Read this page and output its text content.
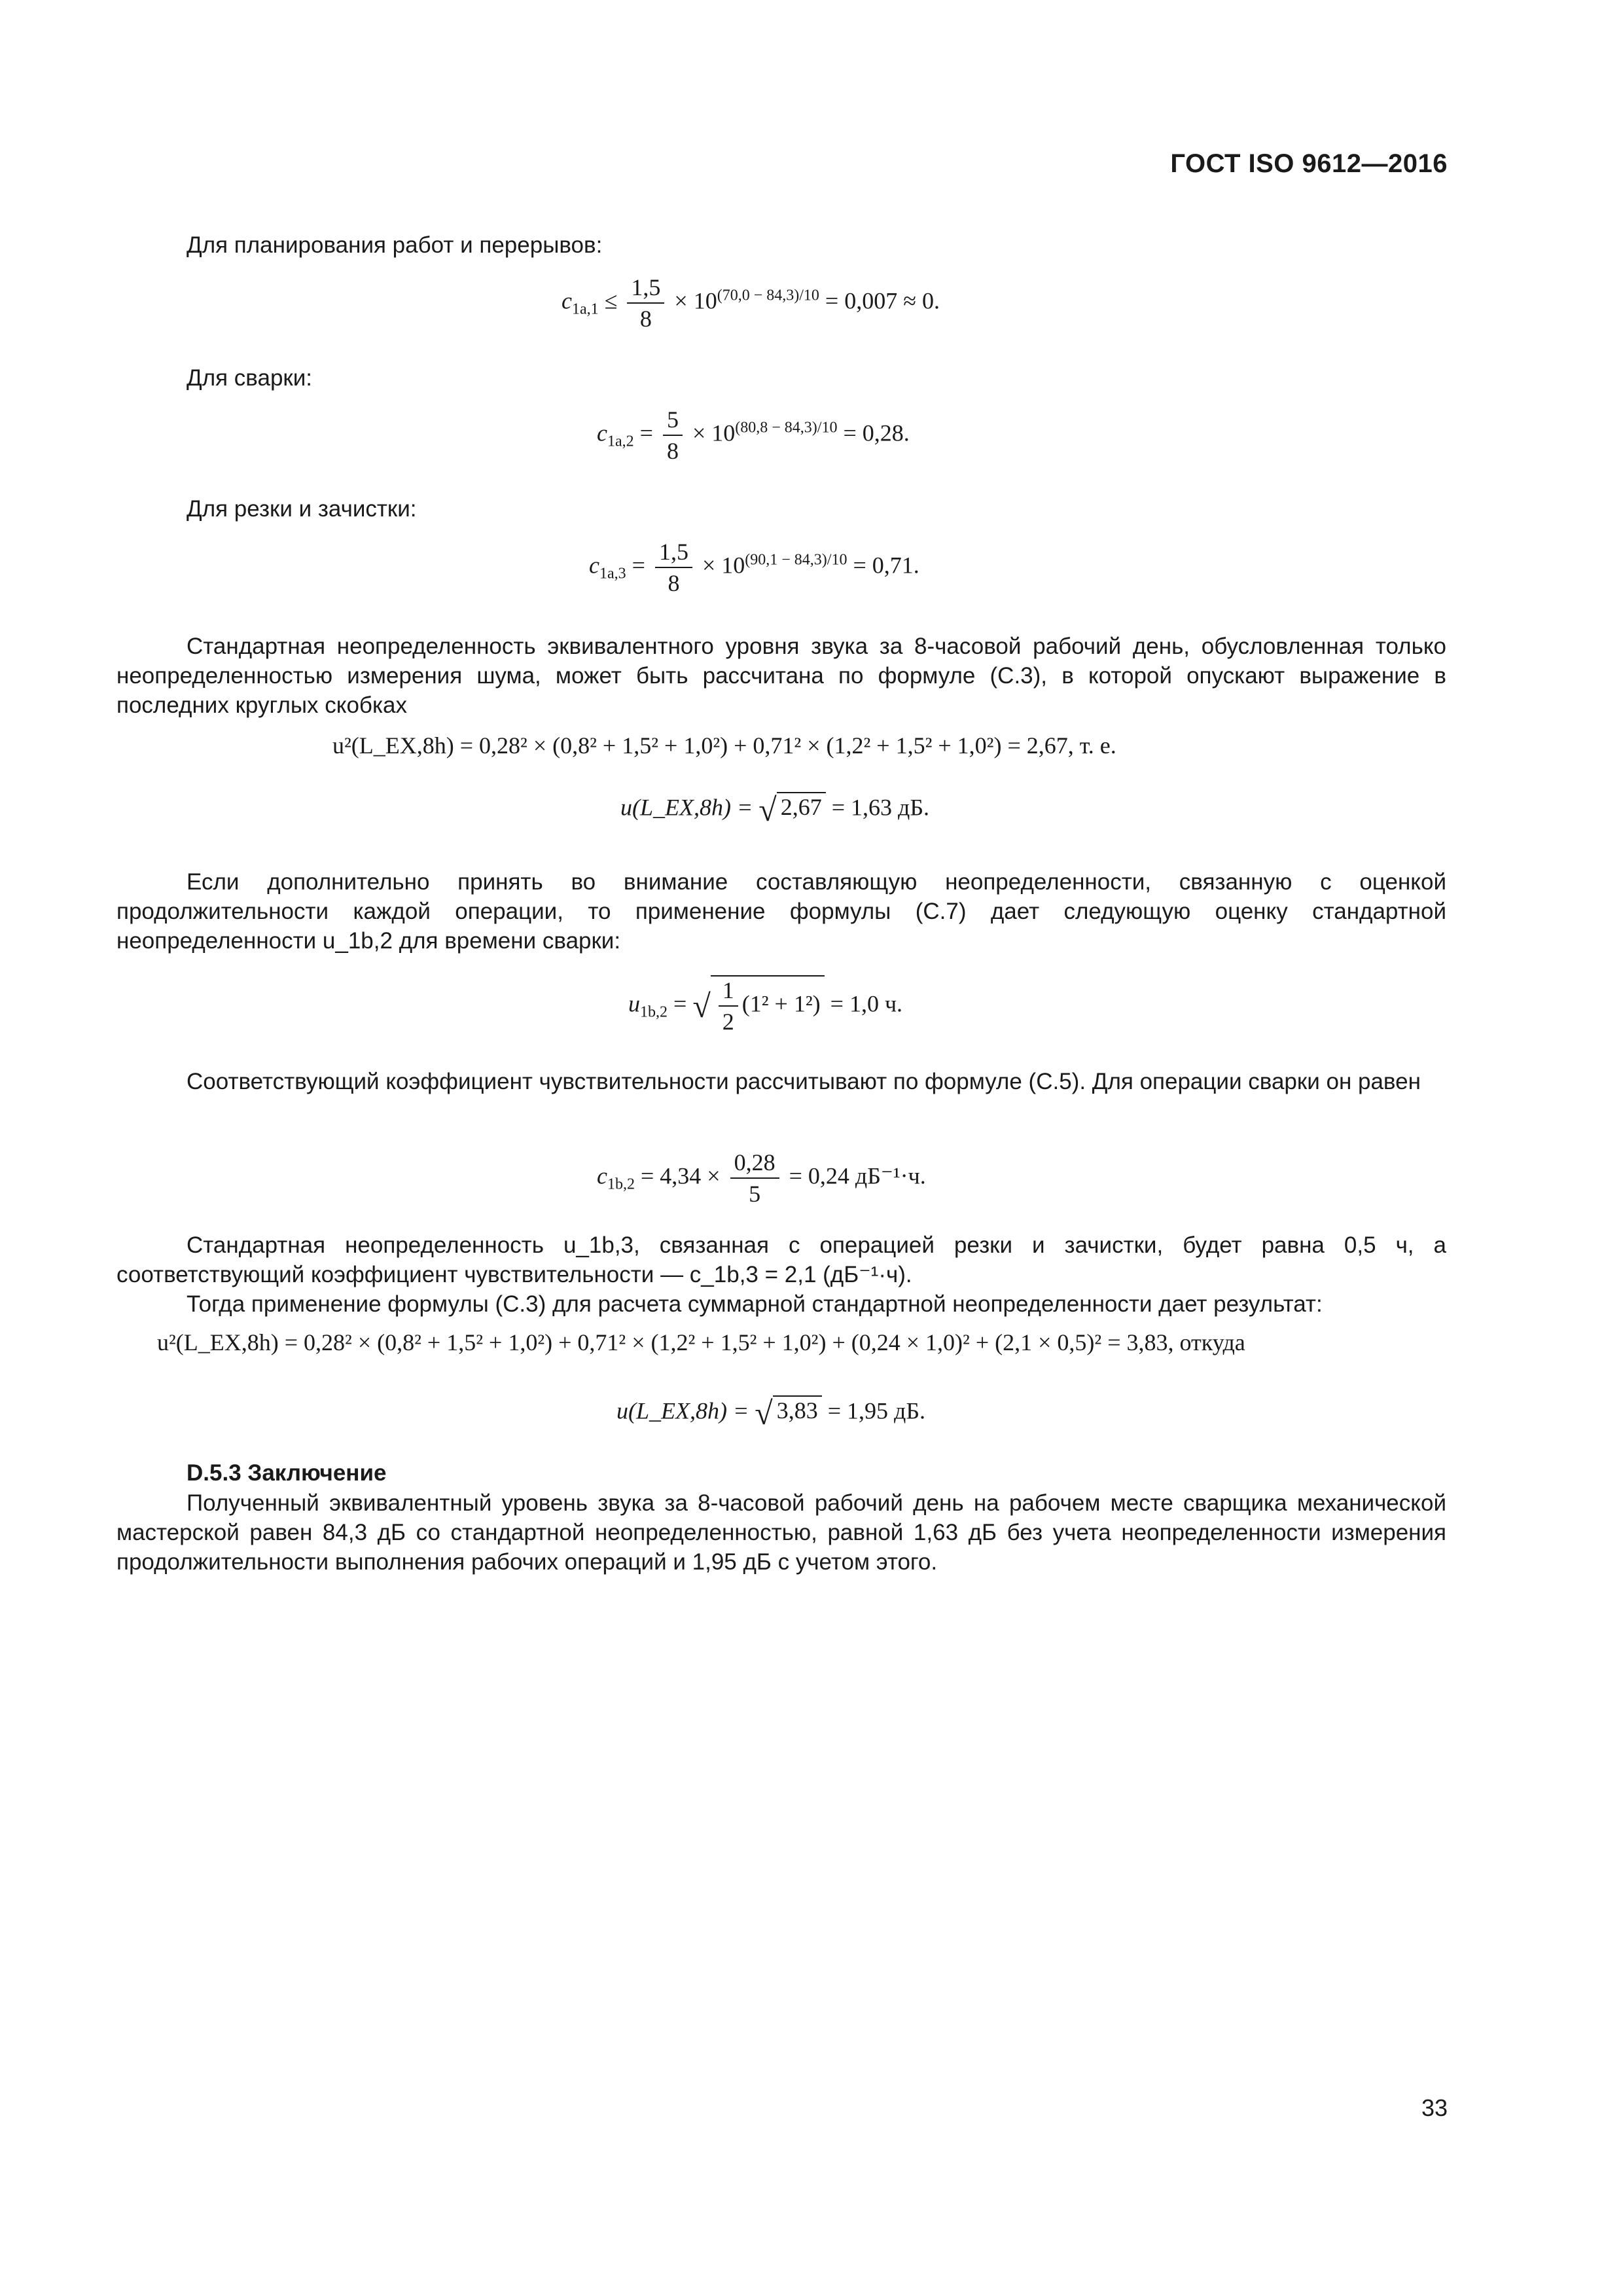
ГОСТ ISO 9612—2016
Для планирования работ и перерывов:
$c_{1a,1} \le \frac{1,5}{8} \times 10^{(70,0 - 84,3)/10} = 0,007 \approx 0$.
Для сварки:
$c_{1a,2} = \frac{5}{8} \times 10^{(80,8 - 84,3)/10} = 0,28$.
Для резки и зачистки:
$c_{1a,3} = \frac{1,5}{8} \times 10^{(90,1 - 84,3)/10} = 0,71$.
Стандартная неопределенность эквивалентного уровня звука за 8-часовой рабочий день, обусловленная только неопределенностью измерения шума, может быть рассчитана по формуле (С.3), в которой опускают выражение в последних круглых скобках
u²(L_EX,8h) = 0,28² × (0,8² + 1,5² + 1,0²) + 0,71² × (1,2² + 1,5² + 1,0²) = 2,67, т. е.
u(L_EX,8h) = √ 2,67 = 1,63 дБ.
Если дополнительно принять во внимание составляющую неопределенности, связанную с оценкой продолжительности каждой операции, то применение формулы (С.7) дает следующую оценку стандартной неопределенности u_1b,2 для времени сварки:
$u_{1b,2}$ = √ $\frac{1}{2} (1^2 + 1^2) = 1,0$ ч.
Соответствующий коэффициент чувствительности рассчитывают по формуле (С.5). Для операции сварки он равен
$c_{1b,2} = 4,34 \times \frac{0,28}{5} = 0,24$ дБ⁻¹·ч.
Стандартная неопределенность u_1b,3, связанная с операцией резки и зачистки, будет равна 0,5 ч, а соответствующий коэффициент чувствительности — c_1b,3 = 2,1 (дБ⁻¹·ч).
Тогда применение формулы (С.3) для расчета суммарной стандартной неопределенности дает результат:
u²(L_EX,8h) = 0,28² × (0,8² + 1,5² + 1,0²) + 0,71² × (1,2² + 1,5² + 1,0²) + (0,24 × 1,0)² + (2,1 × 0,5)² = 3,83, откуда
u(L_EX,8h) = √ 3,83 = 1,95 дБ.
D.5.3 Заключение
Полученный эквивалентный уровень звука за 8-часовой рабочий день на рабочем месте сварщика механической мастерской равен 84,3 дБ со стандартной неопределенностью, равной 1,63 дБ без учета неопределенности измерения продолжительности выполнения рабочих операций и 1,95 дБ с учетом этого.
33
